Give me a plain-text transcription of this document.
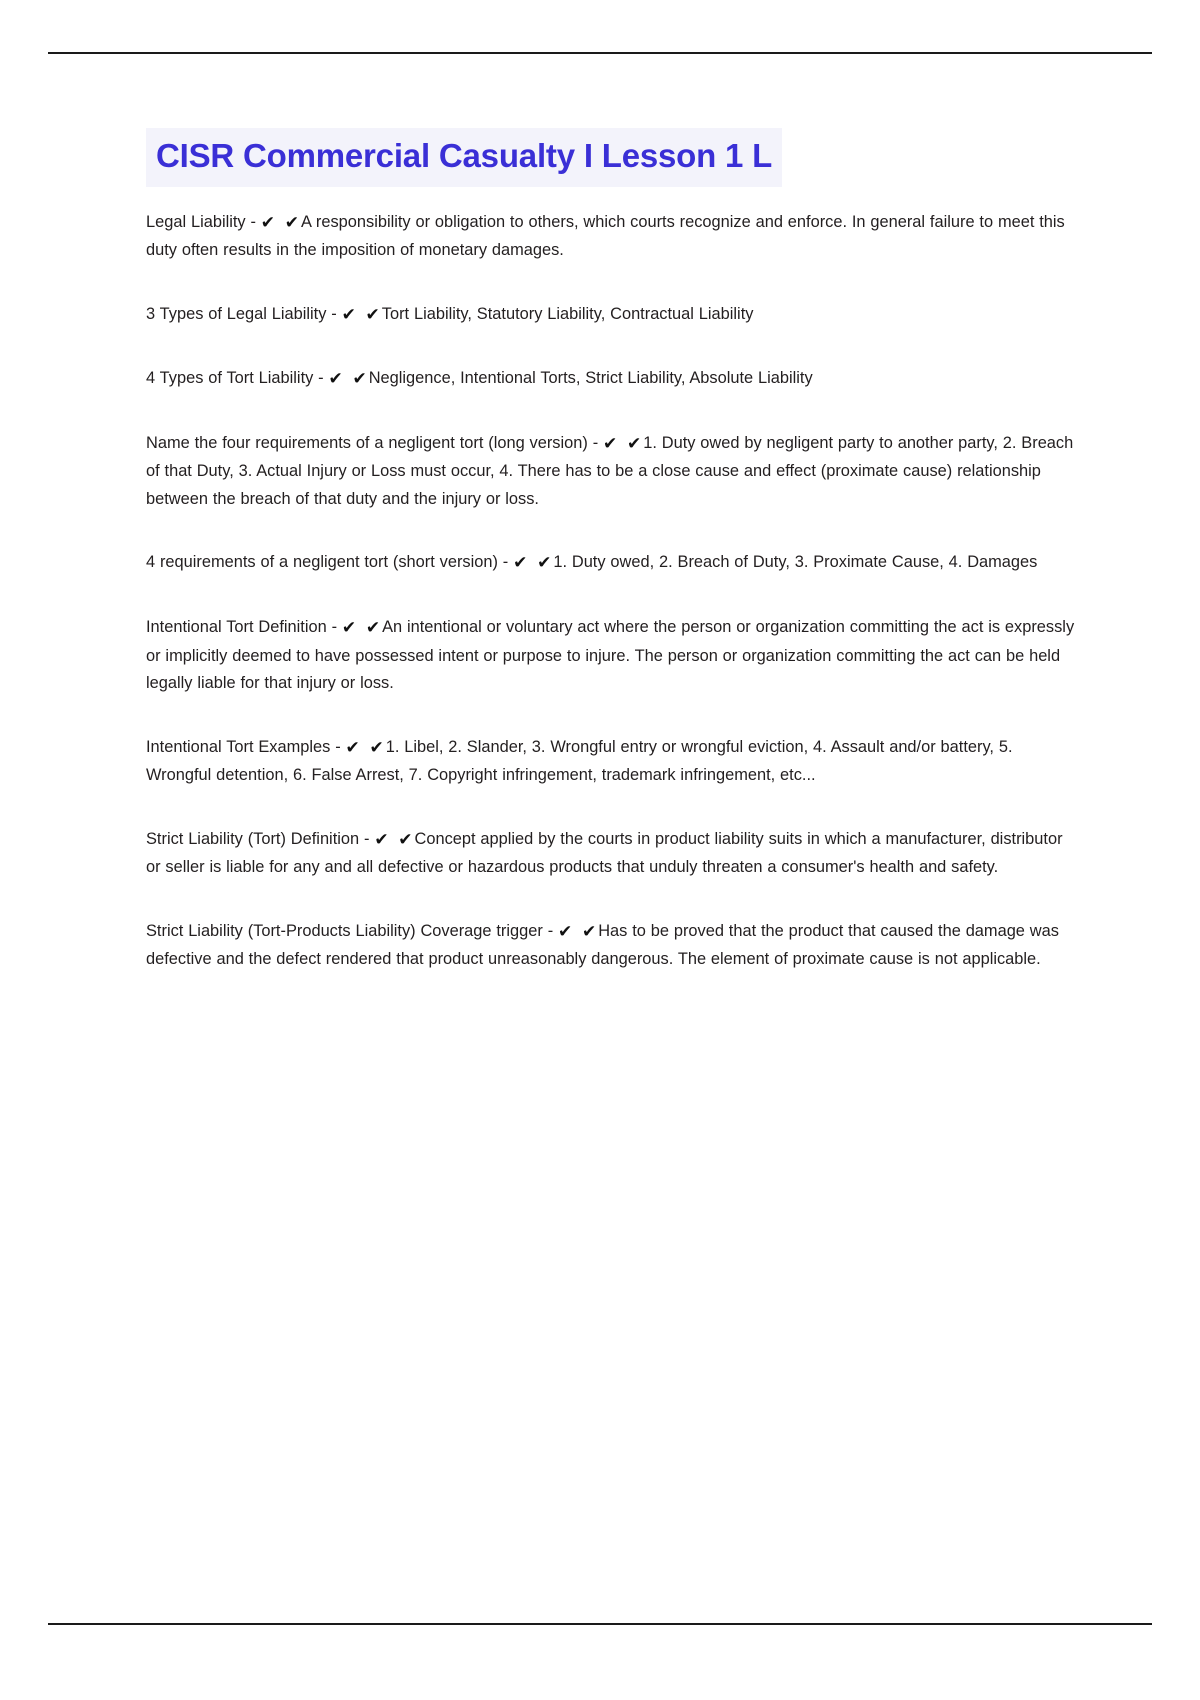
CISR Commercial Casualty I Lesson 1 L

Legal Liability - ✔ ✔A responsibility or obligation to others, which courts recognize and enforce. In general failure to meet this duty often results in the imposition of monetary damages.

3 Types of Legal Liability - ✔ ✔Tort Liability, Statutory Liability, Contractual Liability

4 Types of Tort Liability - ✔ ✔Negligence, Intentional Torts, Strict Liability, Absolute Liability

Name the four requirements of a negligent tort (long version) - ✔ ✔1. Duty owed by negligent party to another party, 2. Breach of that Duty, 3. Actual Injury or Loss must occur, 4. There has to be a close cause and effect (proximate cause) relationship between the breach of that duty and the injury or loss.

4 requirements of a negligent tort (short version) - ✔ ✔1. Duty owed, 2. Breach of Duty, 3. Proximate Cause, 4. Damages

Intentional Tort Definition - ✔ ✔An intentional or voluntary act where the person or organization committing the act is expressly or implicitly deemed to have possessed intent or purpose to injure. The person or organization committing the act can be held legally liable for that injury or loss.

Intentional Tort Examples - ✔ ✔1. Libel, 2. Slander, 3. Wrongful entry or wrongful eviction, 4. Assault and/or battery, 5. Wrongful detention, 6. False Arrest, 7. Copyright infringement, trademark infringement, etc...

Strict Liability (Tort) Definition - ✔ ✔Concept applied by the courts in product liability suits in which a manufacturer, distributor or seller is liable for any and all defective or hazardous products that unduly threaten a consumer's health and safety.

Strict Liability (Tort-Products Liability) Coverage trigger - ✔ ✔Has to be proved that the product that caused the damage was defective and the defect rendered that product unreasonably dangerous. The element of proximate cause is not applicable.
